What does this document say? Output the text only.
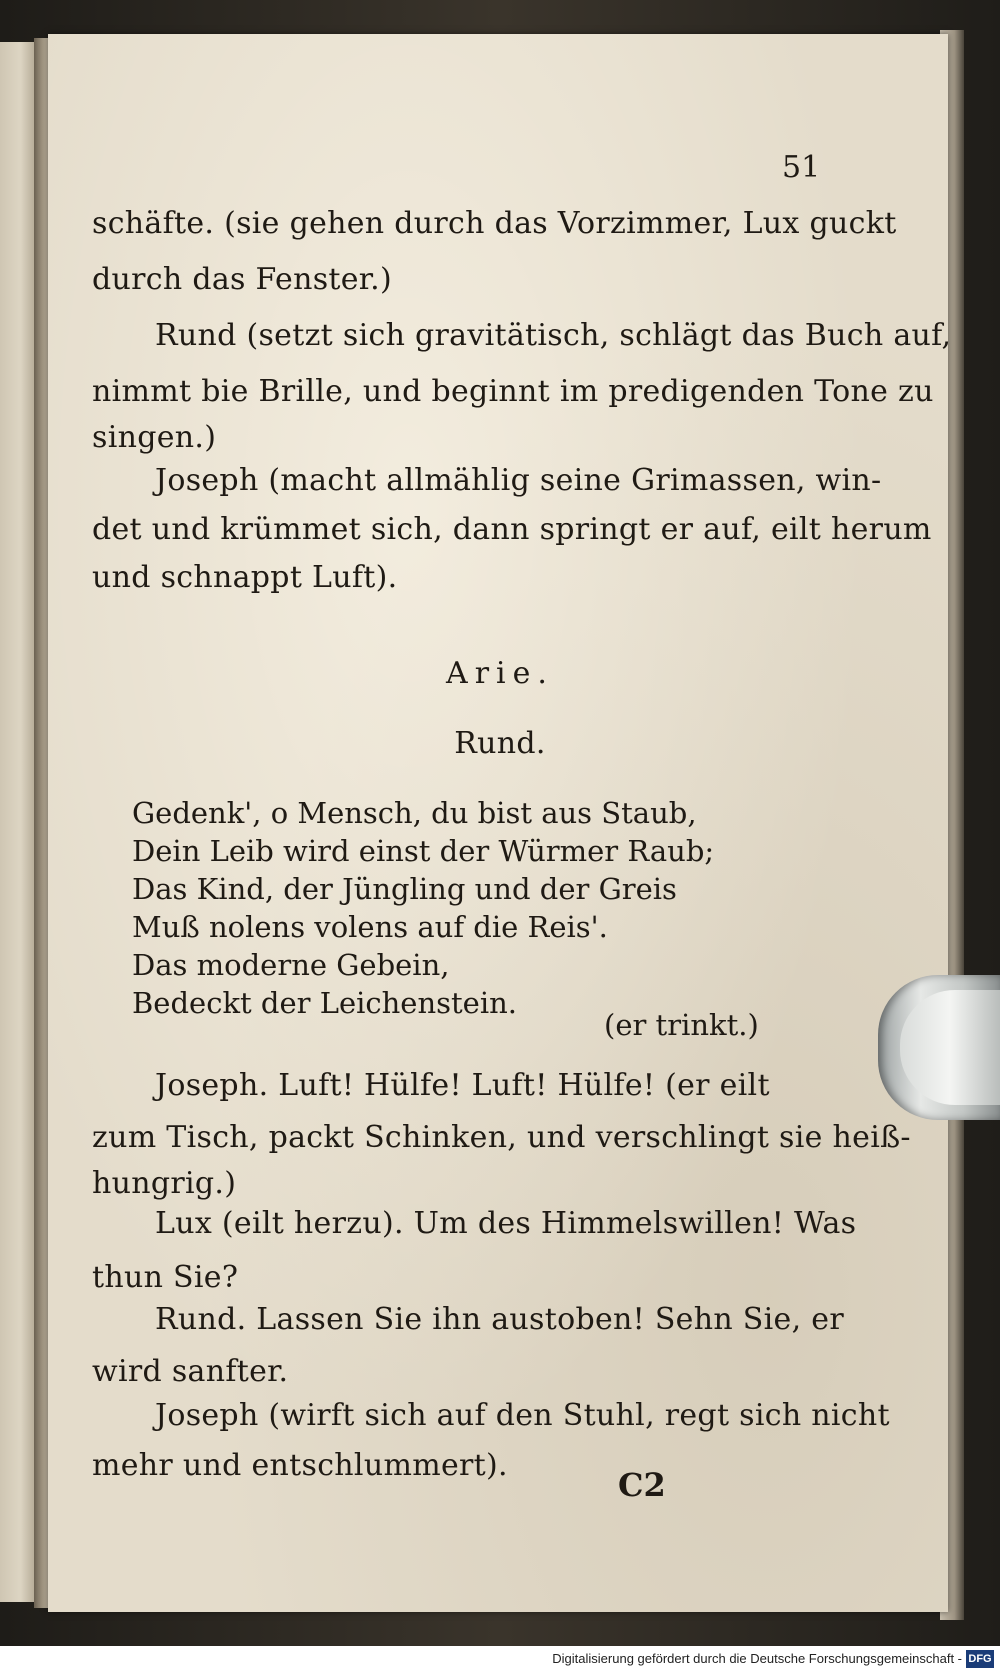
51
schäfte. (sie gehen durch das Vorzimmer, Lux guckt
durch das Fenster.)
Rund (setzt sich gravitätisch, schlägt das Buch auf,
nimmt bie Brille, und beginnt im predigenden Tone zu
singen.)
Joseph (macht allmählig seine Grimassen, win-
det und krümmet sich, dann springt er auf, eilt herum
und schnappt Luft).
Arie.
Rund.
Gedenk', o Mensch, du bist aus Staub,
Dein Leib wird einst der Würmer Raub;
Das Kind, der Jüngling und der Greis
Muß nolens volens auf die Reis'.
Das moderne Gebein,
Bedeckt der Leichenstein.
(er trinkt.)
Joseph. Luft! Hülfe! Luft! Hülfe! (er eilt
zum Tisch, packt Schinken, und verschlingt sie heiß-
hungrig.)
Lux (eilt herzu). Um des Himmelswillen! Was
thun Sie?
Rund. Lassen Sie ihn austoben! Sehn Sie, er
wird sanfter.
Joseph (wirft sich auf den Stuhl, regt sich nicht
mehr und entschlummert).
C2
Digitalisierung gefördert durch die Deutsche Forschungsgemeinschaft - DFG
